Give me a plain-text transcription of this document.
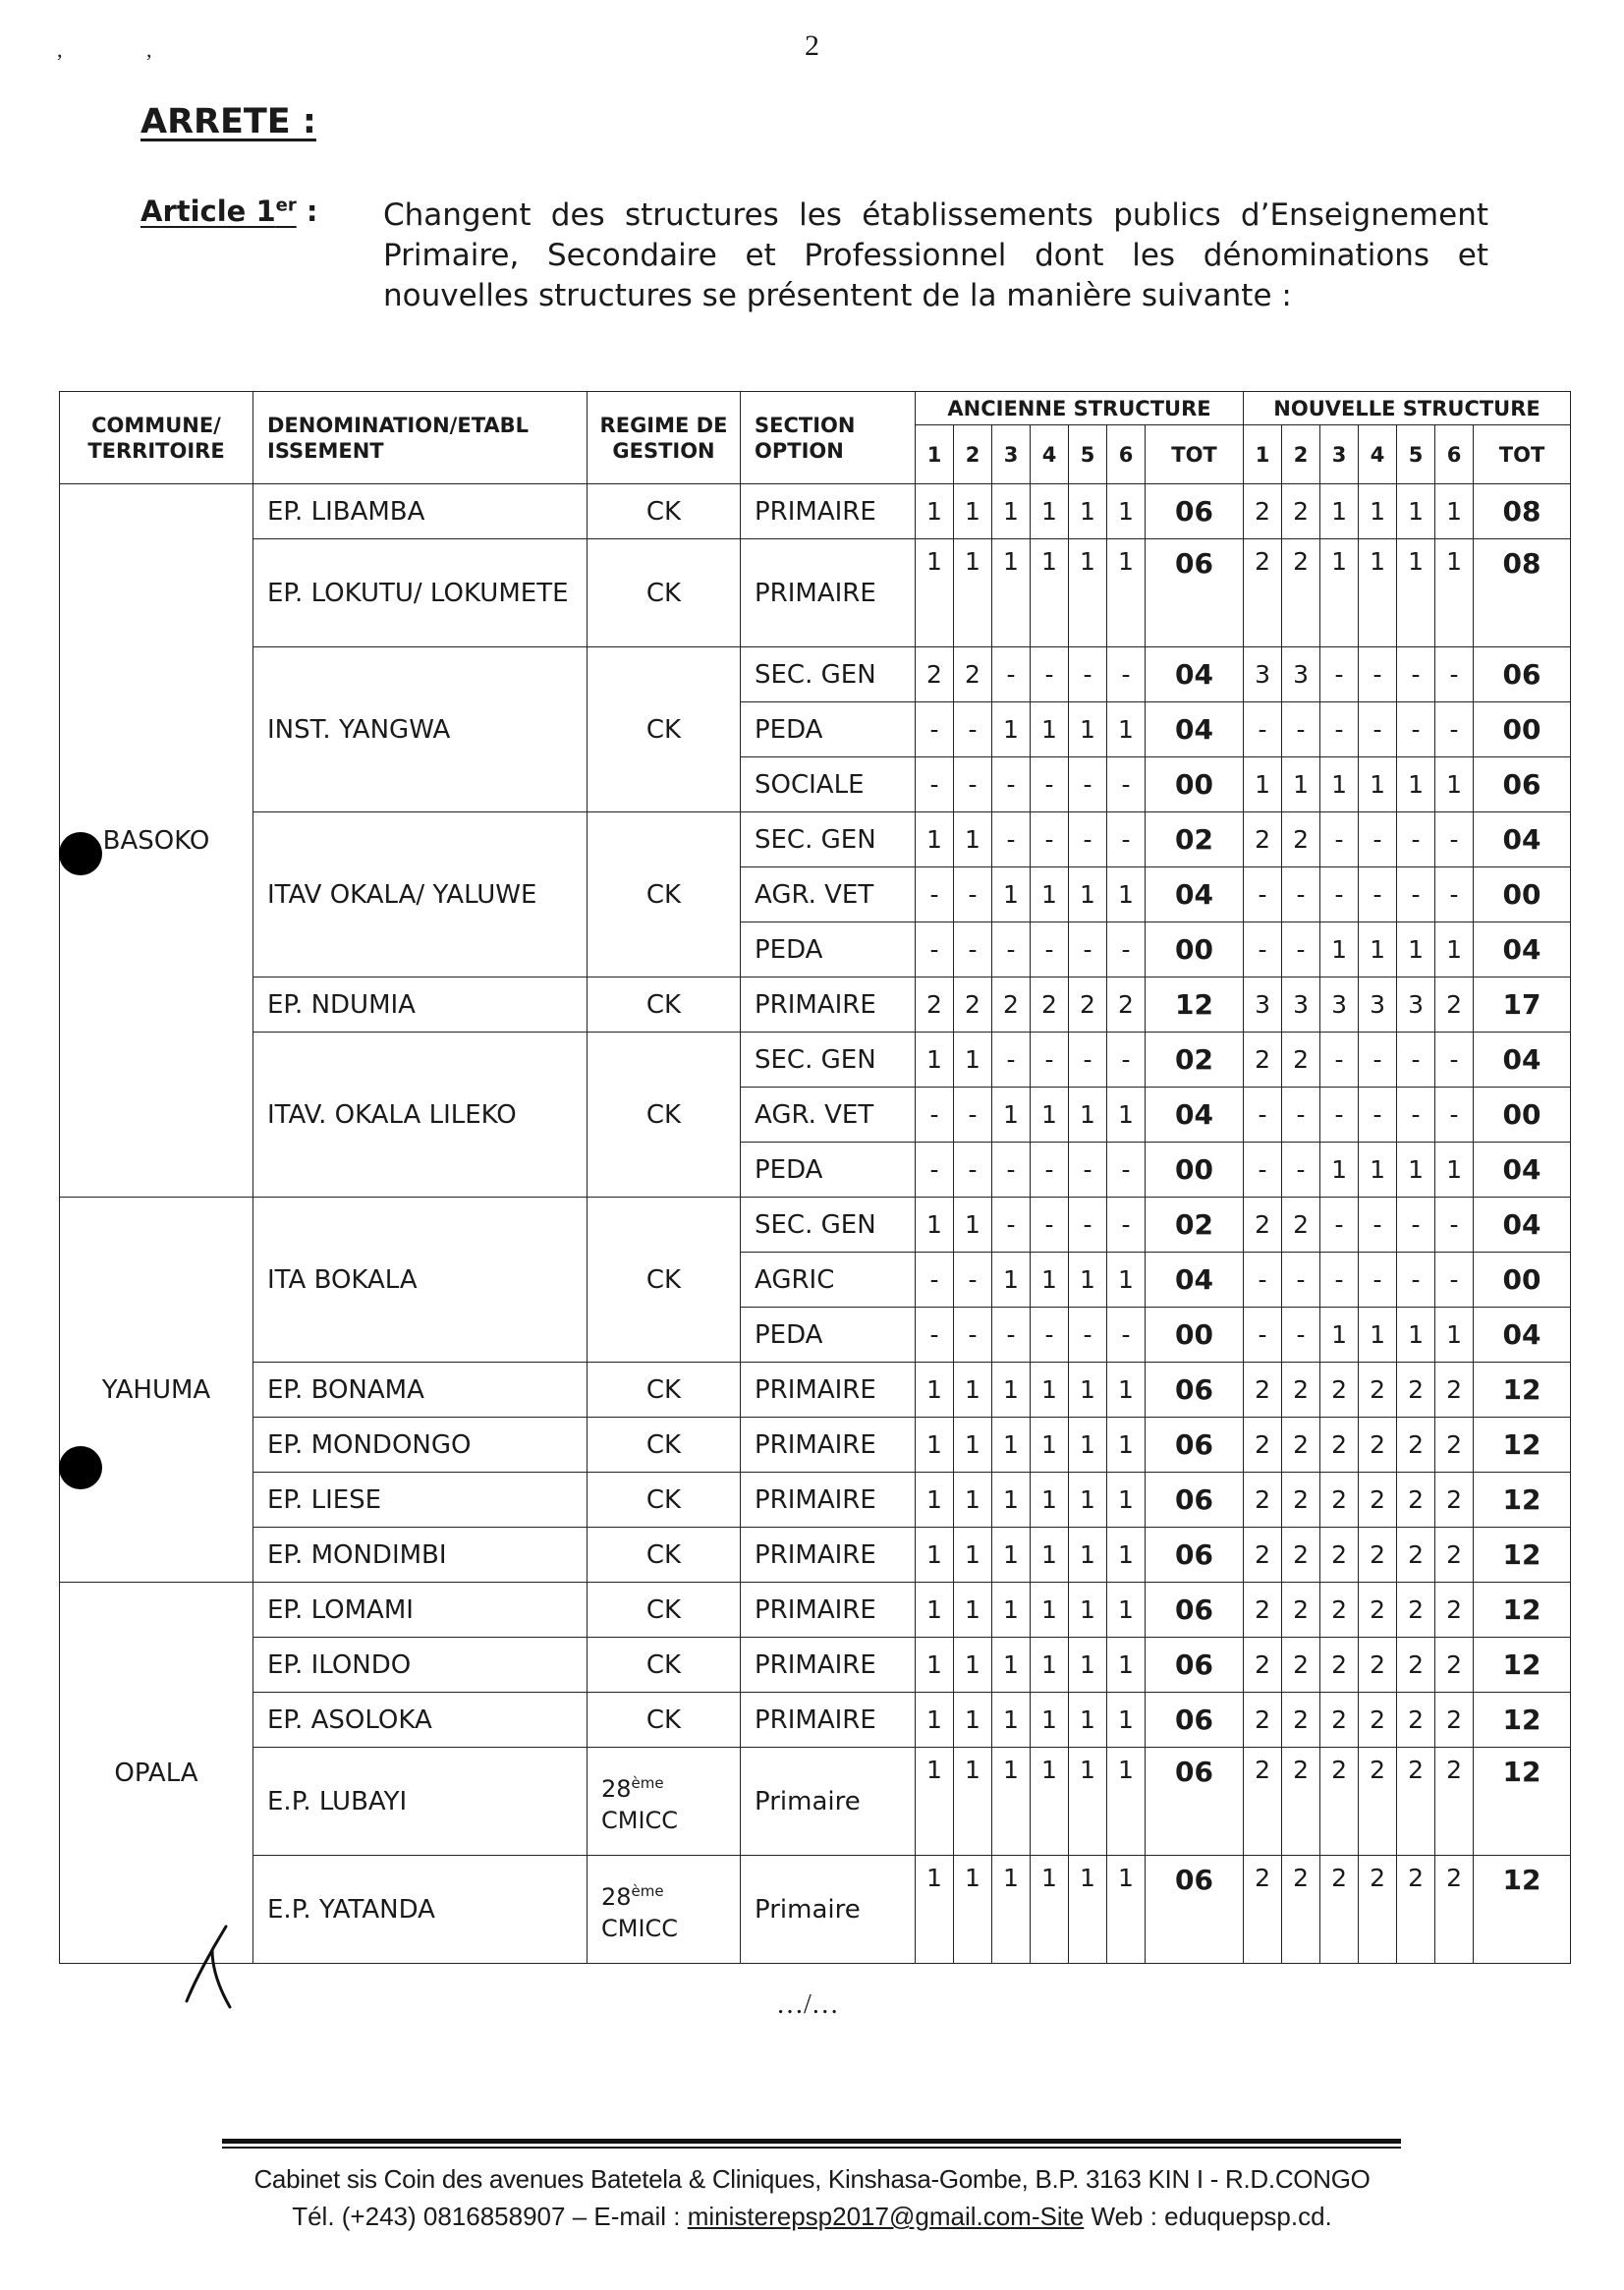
2
, ,
ARRETE :
Article 1er : Changent des structures les établissements publics d’Enseignement Primaire, Secondaire et Professionnel dont les dénominations et nouvelles structures se présentent de la manière suivante :
COMMUNE/ TERRITOIRE	DENOMINATION/ETABL ISSEMENT	REGIME DE GESTION	SECTION OPTION	ANCIENNE STRUCTURE							NOUVELLE STRUCTURE						
				1	2	3	4	5	6	TOT	1	2	3	4	5	6	TOT
BASOKO	EP. LIBAMBA	CK	PRIMAIRE	1	1	1	1	1	1	06	2	2	1	1	1	1	08
	EP. LOKUTU/ LOKUMETE	CK	PRIMAIRE	1	1	1	1	1	1	06	2	2	1	1	1	1	08
	INST. YANGWA	CK	SEC. GEN	2	2	-	-	-	-	04	3	3	-	-	-	-	06
			PEDA	-	-	1	1	1	1	04	-	-	-	-	-	-	00
			SOCIALE	-	-	-	-	-	-	00	1	1	1	1	1	1	06
	ITAV OKALA/ YALUWE	CK	SEC. GEN	1	1	-	-	-	-	02	2	2	-	-	-	-	04
			AGR. VET	-	-	1	1	1	1	04	-	-	-	-	-	-	00
			PEDA	-	-	-	-	-	-	00	-	-	1	1	1	1	04
	EP. NDUMIA	CK	PRIMAIRE	2	2	2	2	2	2	12	3	3	3	3	3	2	17
	ITAV. OKALA LILEKO	CK	SEC. GEN	1	1	-	-	-	-	02	2	2	-	-	-	-	04
			AGR. VET	-	-	1	1	1	1	04	-	-	-	-	-	-	00
			PEDA	-	-	-	-	-	-	00	-	-	1	1	1	1	04
YAHUMA	ITA BOKALA	CK	SEC. GEN	1	1	-	-	-	-	02	2	2	-	-	-	-	04
			AGRIC	-	-	1	1	1	1	04	-	-	-	-	-	-	00
			PEDA	-	-	-	-	-	-	00	-	-	1	1	1	1	04
	EP. BONAMA	CK	PRIMAIRE	1	1	1	1	1	1	06	2	2	2	2	2	2	12
	EP. MONDONGO	CK	PRIMAIRE	1	1	1	1	1	1	06	2	2	2	2	2	2	12
	EP. LIESE	CK	PRIMAIRE	1	1	1	1	1	1	06	2	2	2	2	2	2	12
	EP. MONDIMBI	CK	PRIMAIRE	1	1	1	1	1	1	06	2	2	2	2	2	2	12
OPALA	EP. LOMAMI	CK	PRIMAIRE	1	1	1	1	1	1	06	2	2	2	2	2	2	12
	EP. ILONDO	CK	PRIMAIRE	1	1	1	1	1	1	06	2	2	2	2	2	2	12
	EP. ASOLOKA	CK	PRIMAIRE	1	1	1	1	1	1	06	2	2	2	2	2	2	12
	E.P. LUBAYI	28ème
CMICC	Primaire	1	1	1	1	1	1	06	2	2	2	2	2	2	12
	E.P. YATANDA	28ème
CMICC	Primaire	1	1	1	1	1	1	06	2	2	2	2	2	2	12
…/…
Cabinet sis Coin des avenues Batetela & Cliniques, Kinshasa-Gombe, B.P. 3163 KIN I - R.D.CONGO
Tél. (+243) 0816858907 – E-mail : ministerepsp2017@gmail.com-Site Web : eduquepsp.cd.
